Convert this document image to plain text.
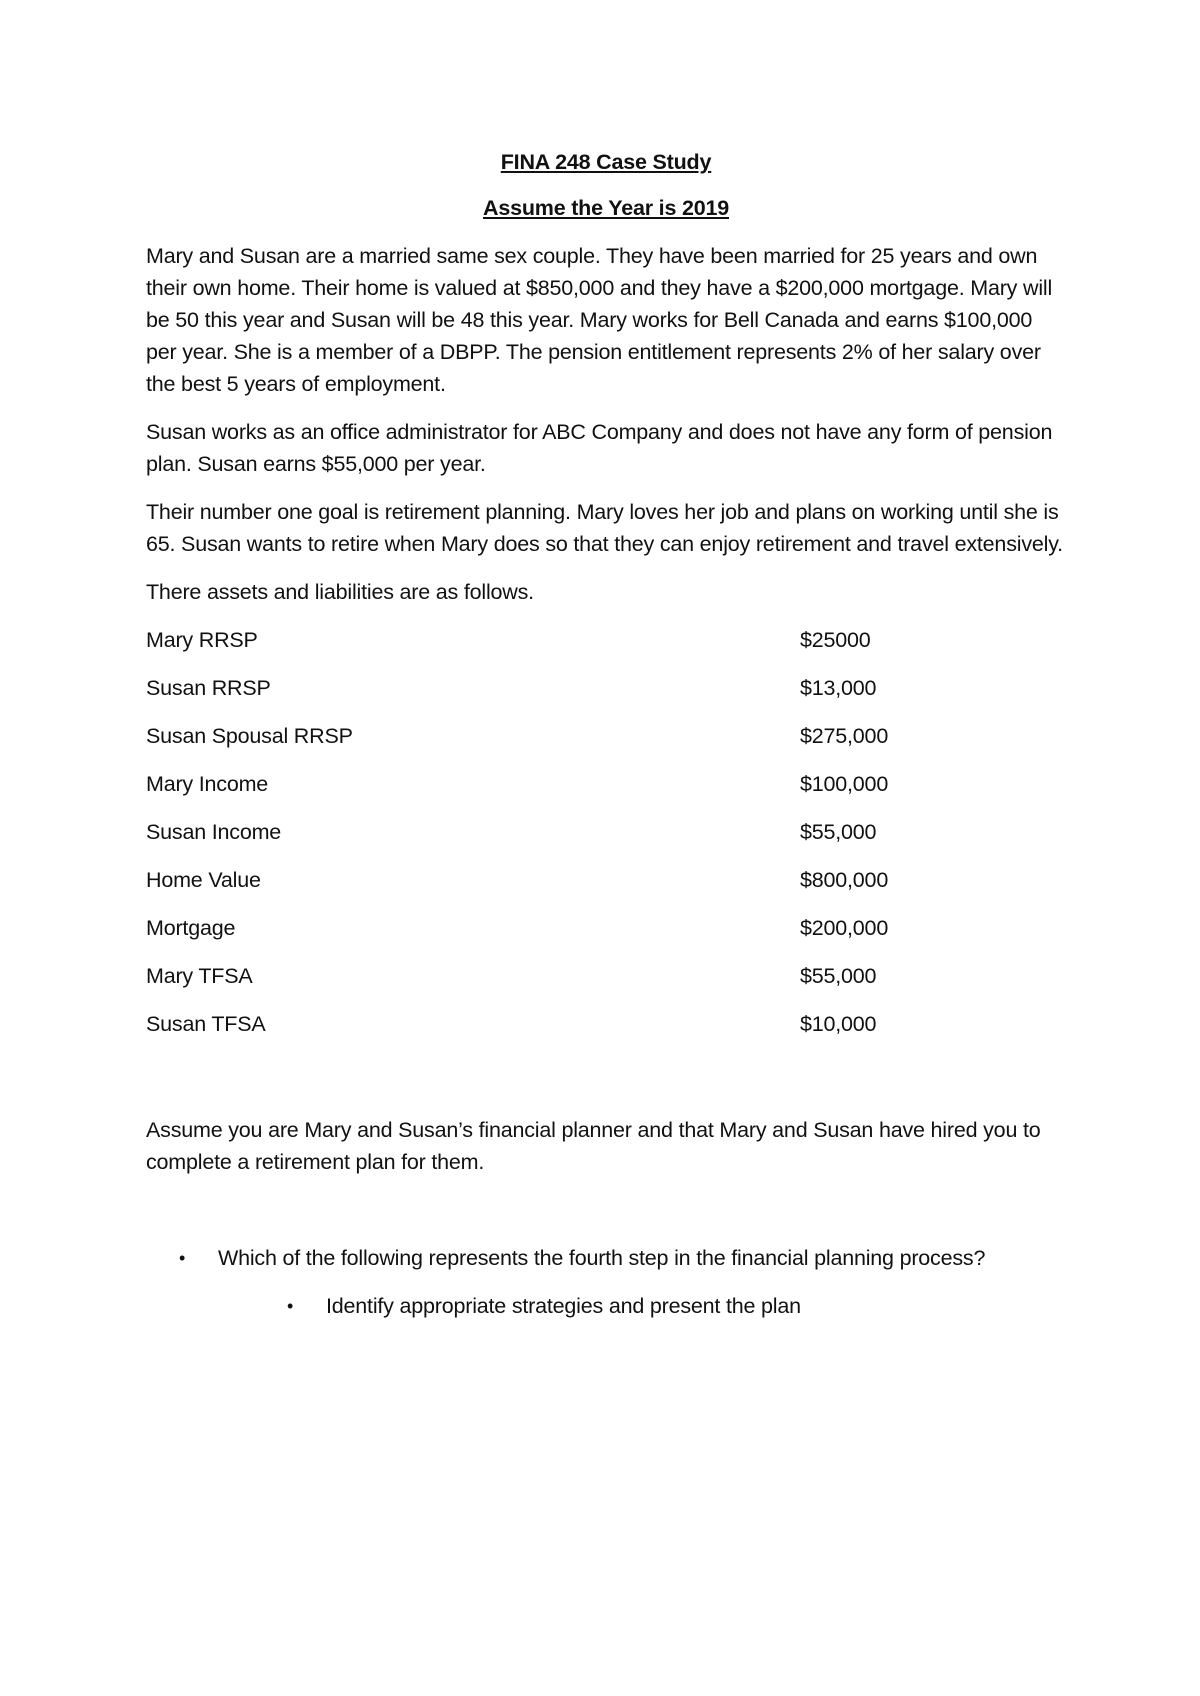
FINA 248 Case Study

Assume the Year is 2019

Mary and Susan are a married same sex couple. They have been married for 25 years and own their own home. Their home is valued at $850,000 and they have a $200,000 mortgage. Mary will be 50 this year and Susan will be 48 this year. Mary works for Bell Canada and earns $100,000 per year. She is a member of a DBPP. The pension entitlement represents 2% of her salary over the best 5 years of employment.

Susan works as an office administrator for ABC Company and does not have any form of pension plan. Susan earns $55,000 per year.

Their number one goal is retirement planning. Mary loves her job and plans on working until she is 65. Susan wants to retire when Mary does so that they can enjoy retirement and travel extensively.

There assets and liabilities are as follows.

Mary RRSP	$25000
Susan RRSP	$13,000
Susan Spousal RRSP	$275,000
Mary Income	$100,000
Susan Income	$55,000
Home Value	$800,000
Mortgage	$200,000
Mary TFSA	$55,000
Susan TFSA	$10,000

Assume you are Mary and Susan’s financial planner and that Mary and Susan have hired you to complete a retirement plan for them.

•	Which of the following represents the fourth step in the financial planning process?
•	Identify appropriate strategies and present the plan
